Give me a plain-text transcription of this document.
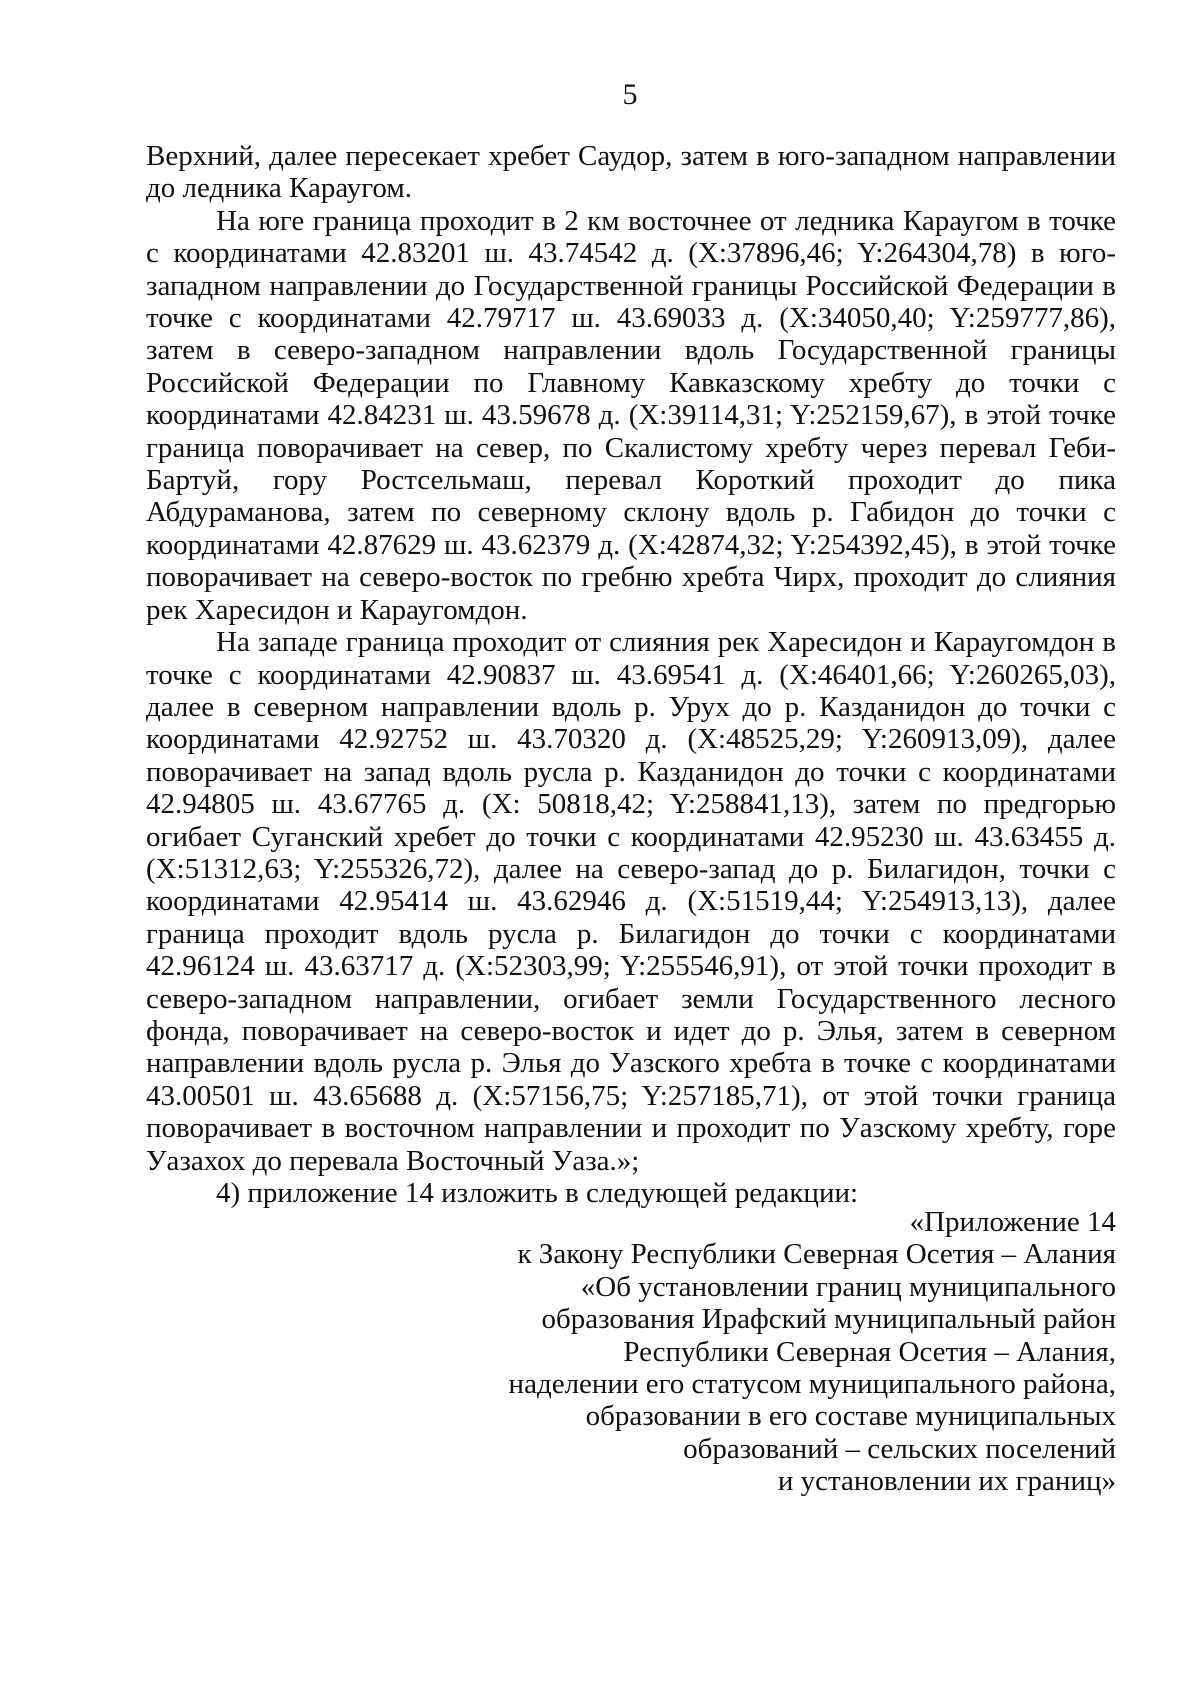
5

Верхний, далее пересекает хребет Саудор, затем в юго-западном направлении до ледника Караугом.

На юге граница проходит в 2 км восточнее от ледника Караугом в точке с координатами 42.83201 ш. 43.74542 д. (X:37896,46; Y:264304,78) в юго-западном направлении до Государственной границы Российской Федерации в точке с координатами 42.79717 ш. 43.69033 д. (X:34050,40; Y:259777,86), затем в северо-западном направлении вдоль Государственной границы Российской Федерации по Главному Кавказскому хребту до точки с координатами 42.84231 ш. 43.59678 д. (X:39114,31; Y:252159,67), в этой точке граница поворачивает на север, по Скалистому хребту через перевал Геби-Бартуй, гору Ростсельмаш, перевал Короткий проходит до пика Абдураманова, затем по северному склону вдоль р. Габидон до точки с координатами 42.87629 ш. 43.62379 д. (X:42874,32; Y:254392,45), в этой точке поворачивает на северо-восток по гребню хребта Чирх, проходит до слияния рек Харесидон и Караугомдон.

На западе граница проходит от слияния рек Харесидон и Караугомдон в точке с координатами 42.90837 ш. 43.69541 д. (X:46401,66; Y:260265,03), далее в северном направлении вдоль р. Урух до р. Казданидон до точки с координатами 42.92752 ш. 43.70320 д. (X:48525,29; Y:260913,09), далее поворачивает на запад вдоль русла р. Казданидон до точки с координатами 42.94805 ш. 43.67765 д. (X: 50818,42; Y:258841,13), затем по предгорью огибает Суганский хребет до точки с координатами 42.95230 ш. 43.63455 д. (X:51312,63; Y:255326,72), далее на северо-запад до р. Билагидон, точки с координатами 42.95414 ш. 43.62946 д. (X:51519,44; Y:254913,13), далее граница проходит вдоль русла р. Билагидон до точки с координатами 42.96124 ш. 43.63717 д. (X:52303,99; Y:255546,91), от этой точки проходит в северо-западном направлении, огибает земли Государственного лесного фонда, поворачивает на северо-восток и идет до р. Элья, затем в северном направлении вдоль русла р. Элья до Уазского хребта в точке с координатами 43.00501 ш. 43.65688 д. (X:57156,75; Y:257185,71), от этой точки граница поворачивает в восточном направлении и проходит по Уазскому хребту, горе Уазахох до перевала Восточный Уаза.»;

4) приложение 14 изложить в следующей редакции:

«Приложение 14
к Закону Республики Северная Осетия – Алания
«Об установлении границ муниципального
образования Ирафский муниципальный район
Республики Северная Осетия – Алания,
наделении его статусом муниципального района,
образовании в его составе муниципальных
образований – сельских поселений
и установлении их границ»
